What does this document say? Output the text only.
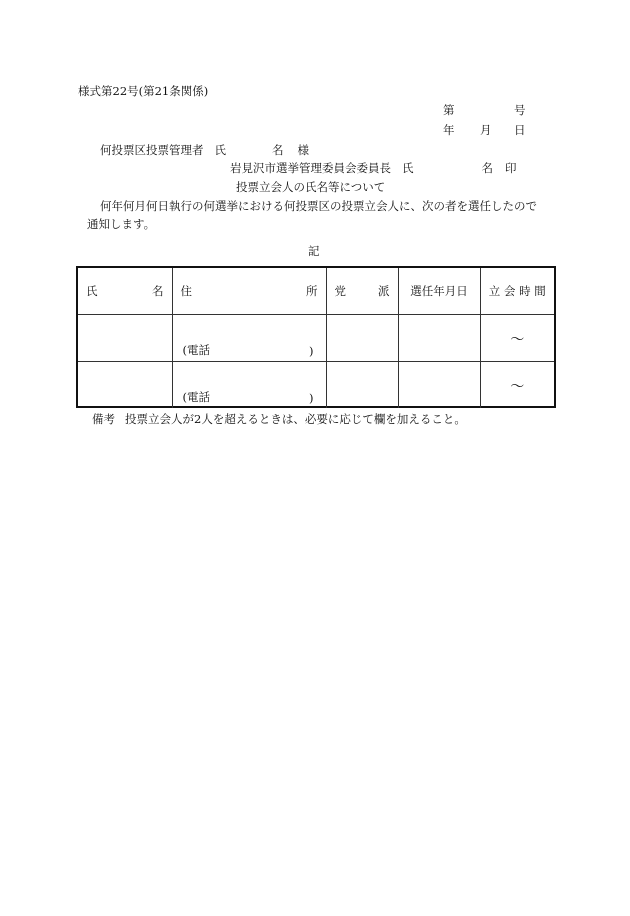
様式第22号(第21条関係)
第	号
年 月 日
何投票区投票管理者 氏	名 様
岩見沢市選挙管理委員会委員長 氏	名 印
投票立会人の氏名等について
何年何月何日執行の何選挙における何投票区の投票立会人に、次の者を選任したので
通知します。
記
氏 名	住 所	党 派	選任年月日	立 会 時 間

	(電話 )			～

	(電話 )			～
備考 投票立会人が2人を超えるときは、必要に応じて欄を加えること。
